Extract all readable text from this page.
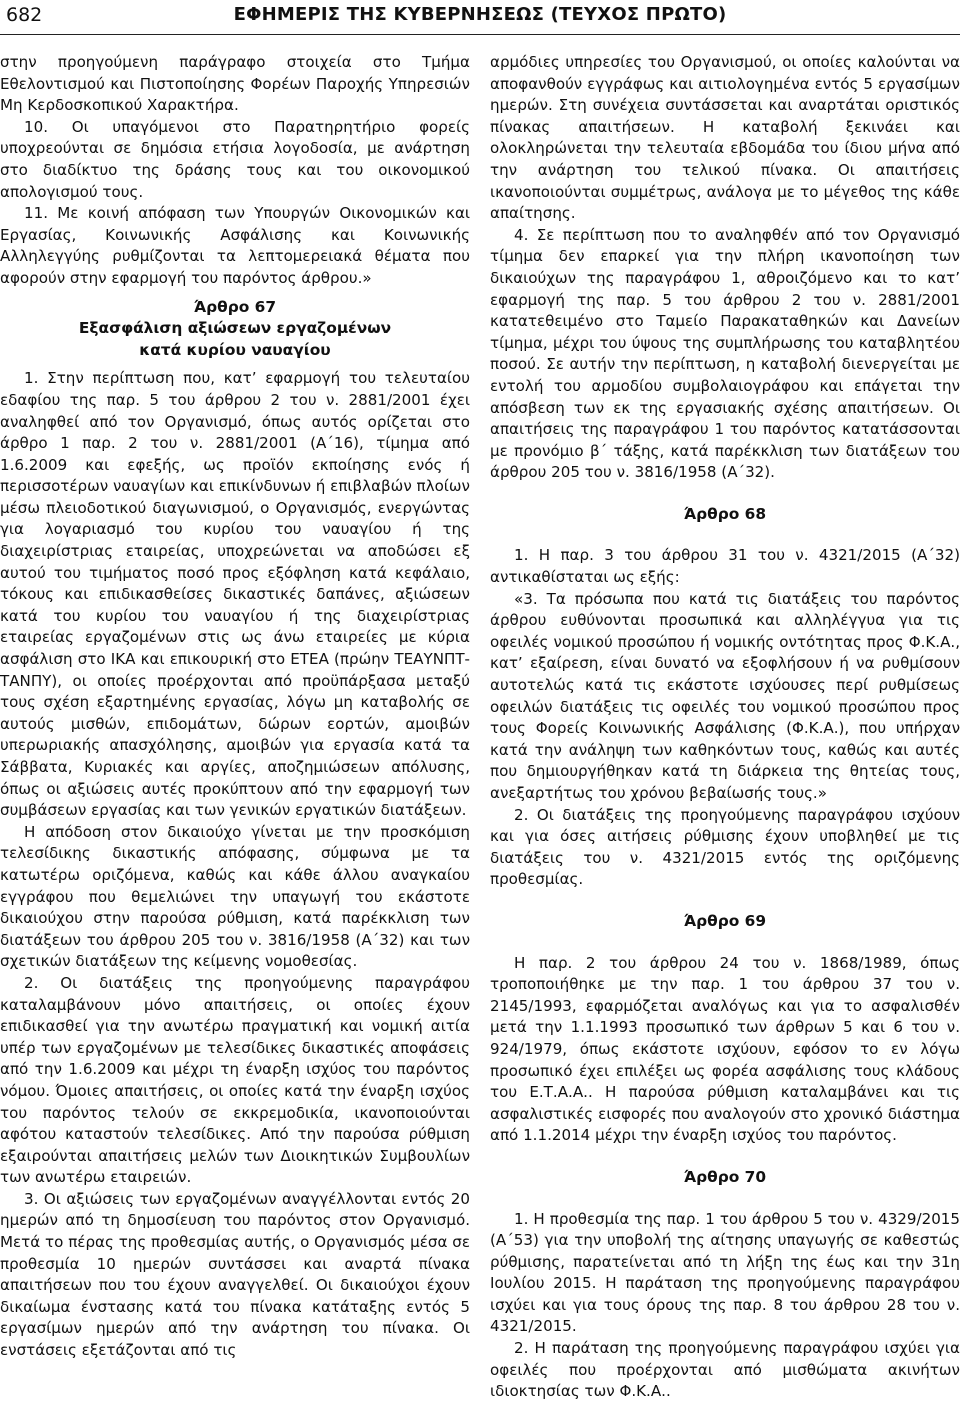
682	ΕΦΗΜΕΡΙΣ ΤΗΣ ΚΥΒΕΡΝΗΣΕΩΣ (ΤΕΥΧΟΣ ΠΡΩΤΟ)

στην προηγούμενη παράγραφο στοιχεία στο Τμήμα Εθελοντισμού και Πιστοποίησης Φορέων Παροχής Υπηρεσιών Μη Κερδοσκοπικού Χαρακτήρα.

10. Οι υπαγόμενοι στο Παρατηρητήριο φορείς υποχρεούνται σε δημόσια ετήσια λογοδοσία, με ανάρτηση στο διαδίκτυο της δράσης τους και του οικονομικού απολογισμού τους.

11. Με κοινή απόφαση των Υπουργών Οικονομικών και Εργασίας, Κοινωνικής Ασφάλισης και Κοινωνικής Αλληλεγγύης ρυθμίζονται τα λεπτομερειακά θέματα που αφορούν στην εφαρμογή του παρόντος άρθρου.»

Άρθρο 67
Εξασφάλιση αξιώσεων εργαζομένων
κατά κυρίου ναυαγίου

1. Στην περίπτωση που, κατ’ εφαρμογή του τελευταίου εδαφίου της παρ. 5 του άρθρου 2 του ν. 2881/2001 έχει αναληφθεί από τον Οργανισμό, όπως αυτός ορίζεται στο άρθρο 1 παρ. 2 του ν. 2881/2001 (Α΄16), τίμημα από 1.6.2009 και εφεξής, ως προϊόν εκποίησης ενός ή περισσοτέρων ναυαγίων και επικίνδυνων ή επιβλαβών πλοίων μέσω πλειοδοτικού διαγωνισμού, ο Οργανισμός, ενεργώντας για λογαριασμό του κυρίου του ναυαγίου ή της διαχειρίστριας εταιρείας, υποχρεώνεται να αποδώσει εξ αυτού του τιμήματος ποσό προς εξόφληση κατά κεφάλαιο, τόκους και επιδικασθείσες δικαστικές δαπάνες, αξιώσεων κατά του κυρίου του ναυαγίου ή της διαχειρίστριας εταιρείας εργαζομένων στις ως άνω εταιρείες με κύρια ασφάλιση στο ΙΚΑ και επικουρική στο ΕΤΕΑ (πρώην ΤΕΑΥΝΠΤ-ΤΑΝΠΥ), οι οποίες προέρχονται από προϋπάρξασα μεταξύ τους σχέση εξαρτημένης εργασίας, λόγω μη καταβολής σε αυτούς μισθών, επιδομάτων, δώρων εορτών, αμοιβών υπερωριακής απασχόλησης, αμοιβών για εργασία κατά τα Σάββατα, Κυριακές και αργίες, αποζημιώσεων απόλυσης, όπως οι αξιώσεις αυτές προκύπτουν από την εφαρμογή των συμβάσεων εργασίας και των γενικών εργατικών διατάξεων.

Η απόδοση στον δικαιούχο γίνεται με την προσκόμιση τελεσίδικης δικαστικής απόφασης, σύμφωνα με τα κατωτέρω οριζόμενα, καθώς και κάθε άλλου αναγκαίου εγγράφου που θεμελιώνει την υπαγωγή του εκάστοτε δικαιούχου στην παρούσα ρύθμιση, κατά παρέκκλιση των διατάξεων του άρθρου 205 του ν. 3816/1958 (Α΄32) και των σχετικών διατάξεων της κείμενης νομοθεσίας.

2. Οι διατάξεις της προηγούμενης παραγράφου καταλαμβάνουν μόνο απαιτήσεις, οι οποίες έχουν επιδικασθεί για την ανωτέρω πραγματική και νομική αιτία υπέρ των εργαζομένων με τελεσίδικες δικαστικές αποφάσεις από την 1.6.2009 και μέχρι τη έναρξη ισχύος του παρόντος νόμου. Όμοιες απαιτήσεις, οι οποίες κατά την έναρξη ισχύος του παρόντος τελούν σε εκκρεμοδικία, ικανοποιούνται αφότου καταστούν τελεσίδικες. Από την παρούσα ρύθμιση εξαιρούνται απαιτήσεις μελών των Διοικητικών Συμβουλίων των ανωτέρω εταιρειών.

3. Οι αξιώσεις των εργαζομένων αναγγέλλονται εντός 20 ημερών από τη δημοσίευση του παρόντος στον Οργανισμό. Μετά το πέρας της προθεσμίας αυτής, ο Οργανισμός μέσα σε προθεσμία 10 ημερών συντάσσει και αναρτά πίνακα απαιτήσεων που του έχουν αναγγελθεί. Οι δικαιούχοι έχουν δικαίωμα ένστασης κατά του πίνακα κατάταξης εντός 5 εργασίμων ημερών από την ανάρτηση του πίνακα. Οι ενστάσεις εξετάζονται από τις

αρμόδιες υπηρεσίες του Οργανισμού, οι οποίες καλούνται να αποφανθούν εγγράφως και αιτιολογημένα εντός 5 εργασίμων ημερών. Στη συνέχεια συντάσσεται και αναρτάται οριστικός πίνακας απαιτήσεων. Η καταβολή ξεκινάει και ολοκληρώνεται την τελευταία εβδομάδα του ίδιου μήνα από την ανάρτηση του τελικού πίνακα. Οι απαιτήσεις ικανοποιούνται συμμέτρως, ανάλογα με το μέγεθος της κάθε απαίτησης.

4. Σε περίπτωση που το αναληφθέν από τον Οργανισμό τίμημα δεν επαρκεί για την πλήρη ικανοποίηση των δικαιούχων της παραγράφου 1, αθροιζόμενο και το κατ’ εφαρμογή της παρ. 5 του άρθρου 2 του ν. 2881/2001 κατατεθειμένο στο Ταμείο Παρακαταθηκών και Δανείων τίμημα, μέχρι του ύψους της συμπλήρωσης του καταβλητέου ποσού. Σε αυτήν την περίπτωση, η καταβολή διενεργείται με εντολή του αρμοδίου συμβολαιογράφου και επάγεται την απόσβεση των εκ της εργασιακής σχέσης απαιτήσεων. Οι απαιτήσεις της παραγράφου 1 του παρόντος κατατάσσονται με προνόμιο β΄ τάξης, κατά παρέκκλιση των διατάξεων του άρθρου 205 του ν. 3816/1958 (Α΄32).

Άρθρο 68

1. Η παρ. 3 του άρθρου 31 του ν. 4321/2015 (Α΄32) αντικαθίσταται ως εξής:

«3. Τα πρόσωπα που κατά τις διατάξεις του παρόντος άρθρου ευθύνονται προσωπικά και αλληλέγγυα για τις οφειλές νομικού προσώπου ή νομικής οντότητας προς Φ.Κ.Α., κατ’ εξαίρεση, είναι δυνατό να εξοφλήσουν ή να ρυθμίσουν αυτοτελώς κατά τις εκάστοτε ισχύουσες περί ρυθμίσεως οφειλών διατάξεις τις οφειλές του νομικού προσώπου προς τους Φορείς Κοινωνικής Ασφάλισης (Φ.Κ.Α.), που υπήρχαν κατά την ανάληψη των καθηκόντων τους, καθώς και αυτές που δημιουργήθηκαν κατά τη διάρκεια της θητείας τους, ανεξαρτήτως του χρόνου βεβαίωσής τους.»

2. Οι διατάξεις της προηγούμενης παραγράφου ισχύουν και για όσες αιτήσεις ρύθμισης έχουν υποβληθεί με τις διατάξεις του ν. 4321/2015 εντός της οριζόμενης προθεσμίας.

Άρθρο 69

Η παρ. 2 του άρθρου 24 του ν. 1868/1989, όπως τροποποιήθηκε με την παρ. 1 του άρθρου 37 του ν. 2145/1993, εφαρμόζεται αναλόγως και για το ασφαλισθέν μετά την 1.1.1993 προσωπικό των άρθρων 5 και 6 του ν. 924/1979, όπως εκάστοτε ισχύουν, εφόσον το εν λόγω προσωπικό έχει επιλέξει ως φορέα ασφάλισης τους κλάδους του Ε.Τ.Α.Α.. Η παρούσα ρύθμιση καταλαμβάνει και τις ασφαλιστικές εισφορές που αναλογούν στο χρονικό διάστημα από 1.1.2014 μέχρι την έναρξη ισχύος του παρόντος.

Άρθρο 70

1. Η προθεσμία της παρ. 1 του άρθρου 5 του ν. 4329/2015 (Α΄53) για την υποβολή της αίτησης υπαγωγής σε καθεστώς ρύθμισης, παρατείνεται από τη λήξη της έως και την 31η Ιουλίου 2015. Η παράταση της προηγούμενης παραγράφου ισχύει και για τους όρους της παρ. 8 του άρθρου 28 του ν. 4321/2015.

2. Η παράταση της προηγούμενης παραγράφου ισχύει για οφειλές που προέρχονται από μισθώματα ακινήτων ιδιοκτησίας των Φ.Κ.Α..
